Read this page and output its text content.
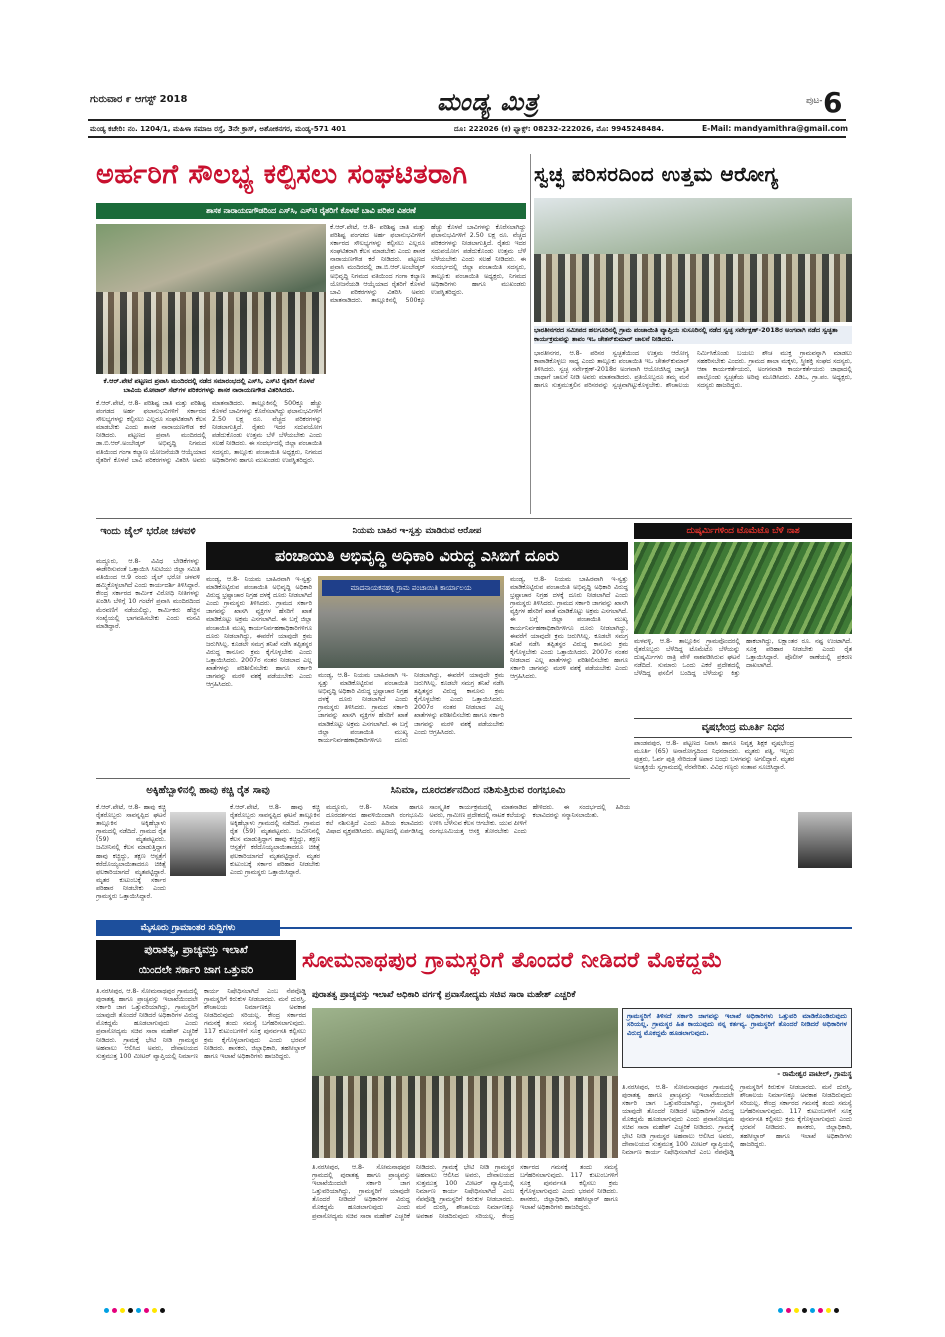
ಗುರುವಾರ ೯ ಆಗಸ್ಟ್ 2018	ಮಂಡ್ಯ ಮಿತ್ರ	ಪುಟ- 6
ಮಂಡ್ಯ ಕಚೇರಿ: ನಂ. 1204/1, ಮಹಿಳಾ ಸಮಾಜ ರಸ್ತೆ, 3ನೇ ಕ್ರಾಸ್, ಅಶೋಕನಗರ, ಮಂಡ್ಯ-571 401	ದೂ: 222026 (ಕ) ಫ್ಯಾಕ್ಸ್: 08232-222026, ಮೊ: 9945248484.	E-Mail: mandyamithra@gmail.com
ಅರ್ಹರಿಗೆ ಸೌಲಭ್ಯ ಕಲ್ಪಿಸಲು ಸಂಘಟಿತರಾಗಿ
ಶಾಸಕ ನಾರಾಯಣಗೌಡರಿಂದ ಎಸ್‌ಸಿ, ಎಸ್‌ಟಿ ರೈತರಿಗೆ ಕೊಳವೆ ಬಾವಿ ಪರಿಕರ ವಿತರಣೆ
ಕೆ.ಆರ್.ಪೇಟೆ ಪಟ್ಟಣದ ಪ್ರವಾಸಿ ಮಂದಿರದಲ್ಲಿ ನಡೆದ ಸಮಾರಂಭದಲ್ಲಿ ಎಸ್‌ಸಿ, ಎಸ್‌ಟಿ ರೈತರಿಗೆ ಕೊಳವೆ ಬಾವಿಯ ಮೋಟಾರ್ ಸೆಟ್‌ಗಳ ಪರಿಕರಗಳನ್ನು ಶಾಸಕ ನಾರಾಯಣಗೌಡ ವಿತರಿಸಿದರು.
ಕೆ.ಆರ್.ಪೇಟೆ, ಆ.8- ಪರಿಶಿಷ್ಟ ಜಾತಿ ಮತ್ತು ಪರಿಶಿಷ್ಟ ಪಂಗಡದ ಅರ್ಹ ಫಲಾನುಭವಿಗಳಿಗೆ ಸರ್ಕಾರದ ಸೌಲಭ್ಯಗಳನ್ನು ಕಲ್ಪಿಸಲು ಎಲ್ಲರೂ ಸಂಘಟಿತರಾಗಿ ಕೆಲಸ ಮಾಡಬೇಕು ಎಂದು ಶಾಸಕ ನಾರಾಯಣಗೌಡ ಕರೆ ನೀಡಿದರು. ಪಟ್ಟಣದ ಪ್ರವಾಸಿ ಮಂದಿರದಲ್ಲಿ ಡಾ.ಬಿ.ಆರ್.ಅಂಬೇಡ್ಕರ್ ಅಭಿವೃದ್ಧಿ ನಿಗಮದ ವತಿಯಿಂದ ಗಂಗಾ ಕಲ್ಯಾಣ ಯೋಜನೆಯಡಿ ಆಯ್ಕೆಯಾದ ರೈತರಿಗೆ ಕೊಳವೆ ಬಾವಿ ಪರಿಕರಗಳನ್ನು ವಿತರಿಸಿ ಅವರು ಮಾತನಾಡಿದರು. ತಾಲ್ಲೂಕಿನಲ್ಲಿ 500ಕ್ಕೂ ಹೆಚ್ಚು ಕೊಳವೆ ಬಾವಿಗಳನ್ನು ಕೊರೆಸಲಾಗಿದ್ದು ಫಲಾನುಭವಿಗಳಿಗೆ 2.50 ಲಕ್ಷ ರೂ. ವೆಚ್ಚದ ಪರಿಕರಗಳನ್ನು ನೀಡಲಾಗುತ್ತಿದೆ. ರೈತರು ಇದರ ಸದುಪಯೋಗ ಪಡೆದುಕೊಂಡು ಉತ್ತಮ ಬೆಳೆ ಬೆಳೆಯಬೇಕು ಎಂದು ಸಲಹೆ ನೀಡಿದರು. ಈ ಸಂದರ್ಭದಲ್ಲಿ ಜಿಲ್ಲಾ ಪಂಚಾಯಿತಿ ಸದಸ್ಯರು, ತಾಲ್ಲೂಕು ಪಂಚಾಯಿತಿ ಅಧ್ಯಕ್ಷರು, ನಿಗಮದ ಅಧಿಕಾರಿಗಳು ಹಾಗೂ ಮುಖಂಡರು ಉಪಸ್ಥಿತರಿದ್ದರು.
ಕೆ.ಆರ್.ಪೇಟೆ, ಆ.8- ಪರಿಶಿಷ್ಟ ಜಾತಿ ಮತ್ತು ಪರಿಶಿಷ್ಟ ಪಂಗಡದ ಅರ್ಹ ಫಲಾನುಭವಿಗಳಿಗೆ ಸರ್ಕಾರದ ಸೌಲಭ್ಯಗಳನ್ನು ಕಲ್ಪಿಸಲು ಎಲ್ಲರೂ ಸಂಘಟಿತರಾಗಿ ಕೆಲಸ ಮಾಡಬೇಕು ಎಂದು ಶಾಸಕ ನಾರಾಯಣಗೌಡ ಕರೆ ನೀಡಿದರು. ಪಟ್ಟಣದ ಪ್ರವಾಸಿ ಮಂದಿರದಲ್ಲಿ ಡಾ.ಬಿ.ಆರ್.ಅಂಬೇಡ್ಕರ್ ಅಭಿವೃದ್ಧಿ ನಿಗಮದ ವತಿಯಿಂದ ಗಂಗಾ ಕಲ್ಯಾಣ ಯೋಜನೆಯಡಿ ಆಯ್ಕೆಯಾದ ರೈತರಿಗೆ ಕೊಳವೆ ಬಾವಿ ಪರಿಕರಗಳನ್ನು ವಿತರಿಸಿ ಅವರು ಮಾತನಾಡಿದರು. ತಾಲ್ಲೂಕಿನಲ್ಲಿ 500ಕ್ಕೂ ಹೆಚ್ಚು ಕೊಳವೆ ಬಾವಿಗಳನ್ನು ಕೊರೆಸಲಾಗಿದ್ದು ಫಲಾನುಭವಿಗಳಿಗೆ 2.50 ಲಕ್ಷ ರೂ. ವೆಚ್ಚದ ಪರಿಕರಗಳನ್ನು ನೀಡಲಾಗುತ್ತಿದೆ. ರೈತರು ಇದರ ಸದುಪಯೋಗ ಪಡೆದುಕೊಂಡು ಉತ್ತಮ ಬೆಳೆ ಬೆಳೆಯಬೇಕು ಎಂದು ಸಲಹೆ ನೀಡಿದರು. ಈ ಸಂದರ್ಭದಲ್ಲಿ ಜಿಲ್ಲಾ ಪಂಚಾಯಿತಿ ಸದಸ್ಯರು, ತಾಲ್ಲೂಕು ಪಂಚಾಯಿತಿ ಅಧ್ಯಕ್ಷರು, ನಿಗಮದ ಅಧಿಕಾರಿಗಳು ಹಾಗೂ ಮುಖಂಡರು ಉಪಸ್ಥಿತರಿದ್ದರು.
ಸ್ವಚ್ಛ ಪರಿಸರದಿಂದ ಉತ್ತಮ ಆರೋಗ್ಯ
ಭಾರತೀನಗರದ ಸಮೀಪದ ಹಲಗೂರಿನಲ್ಲಿ ಗ್ರಾಮ ಪಂಚಾಯಿತಿ ವ್ಯಾಪ್ತಿಯ ಸುಸೂರಿನಲ್ಲಿ ನಡೆದ ಸ್ವಚ್ಛ ಸರ್ವೇಕ್ಷಣ್-2018ರ ಅಂಗವಾಗಿ ನಡೆದ ಸ್ವಚ್ಛತಾ ಕಾರ್ಯಕ್ರಮವನ್ನು ತಾಪಂ ಇಒ ಚೇತನ್‌ಕುಮಾರ್ ಚಾಲನೆ ನೀಡಿದರು.
ಭಾರತೀನಗರ, ಆ.8- ಪರಿಸರ ಸ್ವಚ್ಛತೆಯಿಂದ ಉತ್ತಮ ಆರೋಗ್ಯ ಕಾಪಾಡಿಕೊಳ್ಳಲು ಸಾಧ್ಯ ಎಂದು ತಾಲ್ಲೂಕು ಪಂಚಾಯಿತಿ ಇಒ ಚೇತನ್‌ಕುಮಾರ್ ತಿಳಿಸಿದರು. ಸ್ವಚ್ಛ ಸರ್ವೇಕ್ಷಣ್-2018ರ ಅಂಗವಾಗಿ ಆಯೋಜಿಸಿದ್ದ ಜಾಗೃತಿ ಜಾಥಾಗೆ ಚಾಲನೆ ನೀಡಿ ಅವರು ಮಾತನಾಡಿದರು. ಪ್ರತಿಯೊಬ್ಬರೂ ತಮ್ಮ ಮನೆ ಹಾಗೂ ಸುತ್ತಮುತ್ತಲಿನ ಪರಿಸರವನ್ನು ಸ್ವಚ್ಛವಾಗಿಟ್ಟುಕೊಳ್ಳಬೇಕು. ಶೌಚಾಲಯ ನಿರ್ಮಿಸಿಕೊಂಡು ಬಯಲು ಶೌಚ ಮುಕ್ತ ಗ್ರಾಮವನ್ನಾಗಿ ಮಾಡಲು ಸಹಕರಿಸಬೇಕು ಎಂದರು. ಗ್ರಾಮದ ಶಾಲಾ ಮಕ್ಕಳು, ಸ್ತ್ರೀಶಕ್ತಿ ಸಂಘದ ಸದಸ್ಯರು, ಆಶಾ ಕಾರ್ಯಕರ್ತೆಯರು, ಅಂಗನವಾಡಿ ಕಾರ್ಯಕರ್ತೆಯರು ಜಾಥಾದಲ್ಲಿ ಪಾಲ್ಗೊಂಡು ಸ್ವಚ್ಛತೆಯ ಅರಿವು ಮೂಡಿಸಿದರು. ಪಿಡಿಒ, ಗ್ರಾ.ಪಂ. ಅಧ್ಯಕ್ಷರು, ಸದಸ್ಯರು ಹಾಜರಿದ್ದರು.
ಇಂದು ಜೈಲ್ ಭರೋ ಚಳವಳಿ
ಮದ್ದೂರು, ಆ.8- ವಿವಿಧ ಬೇಡಿಕೆಗಳನ್ನು ಈಡೇರಿಸುವಂತೆ ಒತ್ತಾಯಿಸಿ ಸಿಐಟಿಯು ಜಿಲ್ಲಾ ಸಮಿತಿ ವತಿಯಿಂದ ಆ.9 ರಂದು ಜೈಲ್ ಭರೋ ಚಳವಳಿ ಹಮ್ಮಿಕೊಳ್ಳಲಾಗಿದೆ ಎಂದು ಕಾರ್ಯದರ್ಶಿ ತಿಳಿಸಿದ್ದಾರೆ. ಕೇಂದ್ರ ಸರ್ಕಾರದ ಕಾರ್ಮಿಕ ವಿರೋಧಿ ನೀತಿಗಳನ್ನು ಖಂಡಿಸಿ ಬೆಳಿಗ್ಗೆ 10 ಗಂಟೆಗೆ ಪ್ರವಾಸಿ ಮಂದಿರದಿಂದ ಮೆರವಣಿಗೆ ನಡೆಯಲಿದ್ದು, ಕಾರ್ಮಿಕರು ಹೆಚ್ಚಿನ ಸಂಖ್ಯೆಯಲ್ಲಿ ಭಾಗವಹಿಸಬೇಕು ಎಂದು ಮನವಿ ಮಾಡಿದ್ದಾರೆ.
ನಿಯಮ ಬಾಹಿರ ಇ-ಸ್ವತ್ತು ಮಾಡಿರುವ ಆರೋಪ
ಪಂಚಾಯಿತಿ ಅಭಿವೃದ್ಧಿ ಅಧಿಕಾರಿ ವಿರುದ್ಧ ಎಸಿಬಿಗೆ ದೂರು
ಮಂಡ್ಯ, ಆ.8- ನಿಯಮ ಬಾಹಿರವಾಗಿ ಇ-ಸ್ವತ್ತು ಮಾಡಿಕೊಟ್ಟಿರುವ ಪಂಚಾಯಿತಿ ಅಭಿವೃದ್ಧಿ ಅಧಿಕಾರಿ ವಿರುದ್ಧ ಭ್ರಷ್ಟಾಚಾರ ನಿಗ್ರಹ ದಳಕ್ಕೆ ದೂರು ನೀಡಲಾಗಿದೆ ಎಂದು ಗ್ರಾಮಸ್ಥರು ತಿಳಿಸಿದರು. ಗ್ರಾಮದ ಸರ್ಕಾರಿ ಜಾಗವನ್ನು ಖಾಸಗಿ ವ್ಯಕ್ತಿಗಳ ಹೆಸರಿಗೆ ಖಾತೆ ಮಾಡಿಕೊಟ್ಟು ಅಕ್ರಮ ಎಸಗಲಾಗಿದೆ. ಈ ಬಗ್ಗೆ ಜಿಲ್ಲಾ ಪಂಚಾಯಿತಿ ಮುಖ್ಯ ಕಾರ್ಯನಿರ್ವಹಣಾಧಿಕಾರಿಗಳಿಗೂ ದೂರು ನೀಡಲಾಗಿದ್ದು, ಈವರೆಗೆ ಯಾವುದೇ ಕ್ರಮ ಜರುಗಿಸಿಲ್ಲ. ಕೂಡಲೇ ಸಮಗ್ರ ತನಿಖೆ ನಡೆಸಿ ತಪ್ಪಿತಸ್ಥರ ವಿರುದ್ಧ ಕಾನೂನು ಕ್ರಮ ಕೈಗೊಳ್ಳಬೇಕು ಎಂದು ಒತ್ತಾಯಿಸಿದರು. 2007ರ ನಂತರ ನೀಡಲಾದ ಎಲ್ಲ ಖಾತೆಗಳನ್ನು ಪರಿಶೀಲಿಸಬೇಕು ಹಾಗೂ ಸರ್ಕಾರಿ ಜಾಗವನ್ನು ಮರಳಿ ವಶಕ್ಕೆ ಪಡೆಯಬೇಕು ಎಂದು ಆಗ್ರಹಿಸಿದರು.
ಮಾದನಾಯಕನಹಳ್ಳಿ ಗ್ರಾಮ ಪಂಚಾಯಿತಿ ಕಾರ್ಯಾಲಯ
ಮಂಡ್ಯ, ಆ.8- ನಿಯಮ ಬಾಹಿರವಾಗಿ ಇ-ಸ್ವತ್ತು ಮಾಡಿಕೊಟ್ಟಿರುವ ಪಂಚಾಯಿತಿ ಅಭಿವೃದ್ಧಿ ಅಧಿಕಾರಿ ವಿರುದ್ಧ ಭ್ರಷ್ಟಾಚಾರ ನಿಗ್ರಹ ದಳಕ್ಕೆ ದೂರು ನೀಡಲಾಗಿದೆ ಎಂದು ಗ್ರಾಮಸ್ಥರು ತಿಳಿಸಿದರು. ಗ್ರಾಮದ ಸರ್ಕಾರಿ ಜಾಗವನ್ನು ಖಾಸಗಿ ವ್ಯಕ್ತಿಗಳ ಹೆಸರಿಗೆ ಖಾತೆ ಮಾಡಿಕೊಟ್ಟು ಅಕ್ರಮ ಎಸಗಲಾಗಿದೆ. ಈ ಬಗ್ಗೆ ಜಿಲ್ಲಾ ಪಂಚಾಯಿತಿ ಮುಖ್ಯ ಕಾರ್ಯನಿರ್ವಹಣಾಧಿಕಾರಿಗಳಿಗೂ ದೂರು ನೀಡಲಾಗಿದ್ದು, ಈವರೆಗೆ ಯಾವುದೇ ಕ್ರಮ ಜರುಗಿಸಿಲ್ಲ. ಕೂಡಲೇ ಸಮಗ್ರ ತನಿಖೆ ನಡೆಸಿ ತಪ್ಪಿತಸ್ಥರ ವಿರುದ್ಧ ಕಾನೂನು ಕ್ರಮ ಕೈಗೊಳ್ಳಬೇಕು ಎಂದು ಒತ್ತಾಯಿಸಿದರು. 2007ರ ನಂತರ ನೀಡಲಾದ ಎಲ್ಲ ಖಾತೆಗಳನ್ನು ಪರಿಶೀಲಿಸಬೇಕು ಹಾಗೂ ಸರ್ಕಾರಿ ಜಾಗವನ್ನು ಮರಳಿ ವಶಕ್ಕೆ ಪಡೆಯಬೇಕು ಎಂದು ಆಗ್ರಹಿಸಿದರು.
ಮಂಡ್ಯ, ಆ.8- ನಿಯಮ ಬಾಹಿರವಾಗಿ ಇ-ಸ್ವತ್ತು ಮಾಡಿಕೊಟ್ಟಿರುವ ಪಂಚಾಯಿತಿ ಅಭಿವೃದ್ಧಿ ಅಧಿಕಾರಿ ವಿರುದ್ಧ ಭ್ರಷ್ಟಾಚಾರ ನಿಗ್ರಹ ದಳಕ್ಕೆ ದೂರು ನೀಡಲಾಗಿದೆ ಎಂದು ಗ್ರಾಮಸ್ಥರು ತಿಳಿಸಿದರು. ಗ್ರಾಮದ ಸರ್ಕಾರಿ ಜಾಗವನ್ನು ಖಾಸಗಿ ವ್ಯಕ್ತಿಗಳ ಹೆಸರಿಗೆ ಖಾತೆ ಮಾಡಿಕೊಟ್ಟು ಅಕ್ರಮ ಎಸಗಲಾಗಿದೆ. ಈ ಬಗ್ಗೆ ಜಿಲ್ಲಾ ಪಂಚಾಯಿತಿ ಮುಖ್ಯ ಕಾರ್ಯನಿರ್ವಹಣಾಧಿಕಾರಿಗಳಿಗೂ ದೂರು ನೀಡಲಾಗಿದ್ದು, ಈವರೆಗೆ ಯಾವುದೇ ಕ್ರಮ ಜರುಗಿಸಿಲ್ಲ. ಕೂಡಲೇ ಸಮಗ್ರ ತನಿಖೆ ನಡೆಸಿ ತಪ್ಪಿತಸ್ಥರ ವಿರುದ್ಧ ಕಾನೂನು ಕ್ರಮ ಕೈಗೊಳ್ಳಬೇಕು ಎಂದು ಒತ್ತಾಯಿಸಿದರು. 2007ರ ನಂತರ ನೀಡಲಾದ ಎಲ್ಲ ಖಾತೆಗಳನ್ನು ಪರಿಶೀಲಿಸಬೇಕು ಹಾಗೂ ಸರ್ಕಾರಿ ಜಾಗವನ್ನು ಮರಳಿ ವಶಕ್ಕೆ ಪಡೆಯಬೇಕು ಎಂದು ಆಗ್ರಹಿಸಿದರು.
ದುಷ್ಕರ್ಮಿಗಳಿಂದ ಟೊಮೆಟೊ ಬೆಳೆ ನಾಶ
ಮಳವಳ್ಳಿ, ಆ.8- ತಾಲ್ಲೂಕಿನ ಗ್ರಾಮವೊಂದರಲ್ಲಿ ರೈತರೊಬ್ಬರು ಬೆಳೆದಿದ್ದ ಟೊಮೆಟೊ ಬೆಳೆಯನ್ನು ದುಷ್ಕರ್ಮಿಗಳು ರಾತ್ರಿ ವೇಳೆ ನಾಶಪಡಿಸಿರುವ ಘಟನೆ ನಡೆದಿದೆ. ಸುಮಾರು ಒಂದು ಎಕರೆ ಪ್ರದೇಶದಲ್ಲಿ ಬೆಳೆದಿದ್ದ ಫಸಲಿಗೆ ಬಂದಿದ್ದ ಬೆಳೆಯನ್ನು ಕಿತ್ತು ಹಾಕಲಾಗಿದ್ದು, ಲಕ್ಷಾಂತರ ರೂ. ನಷ್ಟ ಉಂಟಾಗಿದೆ. ಸೂಕ್ತ ಪರಿಹಾರ ನೀಡಬೇಕು ಎಂದು ರೈತ ಒತ್ತಾಯಿಸಿದ್ದಾರೆ. ಪೊಲೀಸ್ ಠಾಣೆಯಲ್ಲಿ ಪ್ರಕರಣ ದಾಖಲಾಗಿದೆ.
ವೃಷಭೇಂದ್ರ ಮೂರ್ತಿ ನಿಧನ
ಪಾಂಡವಪುರ, ಆ.8- ಪಟ್ಟಣದ ನಿವಾಸಿ ಹಾಗೂ ನಿವೃತ್ತ ಶಿಕ್ಷಕ ವೃಷಭೇಂದ್ರ ಮೂರ್ತಿ (65) ಅನಾರೋಗ್ಯದಿಂದ ನಿಧನರಾದರು. ಮೃತರು ಪತ್ನಿ, ಇಬ್ಬರು ಪುತ್ರರು, ಓರ್ವ ಪುತ್ರಿ ಸೇರಿದಂತೆ ಅಪಾರ ಬಂಧು ಬಳಗವನ್ನು ಅಗಲಿದ್ದಾರೆ. ಮೃತರ ಅಂತ್ಯಕ್ರಿಯೆ ಸ್ವಗ್ರಾಮದಲ್ಲಿ ನೆರವೇರಿತು. ವಿವಿಧ ಗಣ್ಯರು ಸಂತಾಪ ಸೂಚಿಸಿದ್ದಾರೆ.
ಅಕ್ಕಿಹೆಬ್ಬಾಳಿನಲ್ಲಿ ಹಾವು ಕಚ್ಚಿ ರೈತ ಸಾವು
ಕೆ.ಆರ್.ಪೇಟೆ, ಆ.8- ಹಾವು ಕಚ್ಚಿ ರೈತರೊಬ್ಬರು ಸಾವನ್ನಪ್ಪಿದ ಘಟನೆ ತಾಲ್ಲೂಕಿನ ಅಕ್ಕಿಹೆಬ್ಬಾಳು ಗ್ರಾಮದಲ್ಲಿ ನಡೆದಿದೆ. ಗ್ರಾಮದ ರೈತ (59) ಮೃತಪಟ್ಟವರು. ಜಮೀನಿನಲ್ಲಿ ಕೆಲಸ ಮಾಡುತ್ತಿದ್ದಾಗ ಹಾವು ಕಚ್ಚಿದ್ದು, ತಕ್ಷಣ ಆಸ್ಪತ್ರೆಗೆ ಕರೆದೊಯ್ಯಲಾಯಿತಾದರೂ ಚಿಕಿತ್ಸೆ ಫಲಕಾರಿಯಾಗದೆ ಮೃತಪಟ್ಟಿದ್ದಾರೆ. ಮೃತರ ಕುಟುಂಬಕ್ಕೆ ಸರ್ಕಾರ ಪರಿಹಾರ ನೀಡಬೇಕು ಎಂದು ಗ್ರಾಮಸ್ಥರು ಒತ್ತಾಯಿಸಿದ್ದಾರೆ.
ಕೆ.ಆರ್.ಪೇಟೆ, ಆ.8- ಹಾವು ಕಚ್ಚಿ ರೈತರೊಬ್ಬರು ಸಾವನ್ನಪ್ಪಿದ ಘಟನೆ ತಾಲ್ಲೂಕಿನ ಅಕ್ಕಿಹೆಬ್ಬಾಳು ಗ್ರಾಮದಲ್ಲಿ ನಡೆದಿದೆ. ಗ್ರಾಮದ ರೈತ (59) ಮೃತಪಟ್ಟವರು. ಜಮೀನಿನಲ್ಲಿ ಕೆಲಸ ಮಾಡುತ್ತಿದ್ದಾಗ ಹಾವು ಕಚ್ಚಿದ್ದು, ತಕ್ಷಣ ಆಸ್ಪತ್ರೆಗೆ ಕರೆದೊಯ್ಯಲಾಯಿತಾದರೂ ಚಿಕಿತ್ಸೆ ಫಲಕಾರಿಯಾಗದೆ ಮೃತಪಟ್ಟಿದ್ದಾರೆ. ಮೃತರ ಕುಟುಂಬಕ್ಕೆ ಸರ್ಕಾರ ಪರಿಹಾರ ನೀಡಬೇಕು ಎಂದು ಗ್ರಾಮಸ್ಥರು ಒತ್ತಾಯಿಸಿದ್ದಾರೆ.
ಸಿನಿಮಾ, ದೂರದರ್ಶನದಿಂದ ನಶಿಸುತ್ತಿರುವ ರಂಗಭೂಮಿ
ಮದ್ದೂರು, ಆ.8- ಸಿನಿಮಾ ಹಾಗೂ ದೂರದರ್ಶನದ ಹಾವಳಿಯಿಂದಾಗಿ ರಂಗಭೂಮಿ ಕಲೆ ನಶಿಸುತ್ತಿದೆ ಎಂದು ಹಿರಿಯ ಕಲಾವಿದರು ವಿಷಾದ ವ್ಯಕ್ತಪಡಿಸಿದರು. ಪಟ್ಟಣದಲ್ಲಿ ಏರ್ಪಡಿಸಿದ್ದ ಸಾಂಸ್ಕೃತಿಕ ಕಾರ್ಯಕ್ರಮದಲ್ಲಿ ಮಾತನಾಡಿದ ಅವರು, ಗ್ರಾಮೀಣ ಪ್ರದೇಶದಲ್ಲಿ ನಾಟಕ ಕಲೆಯನ್ನು ಉಳಿಸಿ ಬೆಳೆಸುವ ಕೆಲಸ ಆಗಬೇಕು. ಯುವ ಪೀಳಿಗೆ ರಂಗಭೂಮಿಯತ್ತ ಆಸಕ್ತಿ ತೋರಬೇಕು ಎಂದು ಹೇಳಿದರು. ಈ ಸಂದರ್ಭದಲ್ಲಿ ಹಿರಿಯ ಕಲಾವಿದರನ್ನು ಸನ್ಮಾನಿಸಲಾಯಿತು.
ಮೈಸೂರು ಗ್ರಾಮಾಂತರ ಸುದ್ದಿಗಳು
ಪುರಾತತ್ವ, ಪ್ರಾಚ್ಯವಸ್ತು ಇಲಾಖೆ
ಯಿಂದಲೇ ಸರ್ಕಾರಿ ಜಾಗ ಒತ್ತುವರಿ	ಸೋಮನಾಥಪುರ ಗ್ರಾಮಸ್ಥರಿಗೆ ತೊಂದರೆ ನೀಡಿದರೆ ಮೊಕದ್ದಮೆ
ತಿ.ನರಸೀಪುರ, ಆ.8- ಸೋಮನಾಥಪುರ ಗ್ರಾಮದಲ್ಲಿ ಪುರಾತತ್ವ ಹಾಗೂ ಪ್ರಾಚ್ಯವಸ್ತು ಇಲಾಖೆಯಿಂದಲೇ ಸರ್ಕಾರಿ ಜಾಗ ಒತ್ತುವರಿಯಾಗಿದ್ದು, ಗ್ರಾಮಸ್ಥರಿಗೆ ಯಾವುದೇ ತೊಂದರೆ ನೀಡಿದರೆ ಅಧಿಕಾರಿಗಳ ವಿರುದ್ಧ ಮೊಕದ್ದಮೆ ಹೂಡಲಾಗುವುದು ಎಂದು ಪ್ರವಾಸೋದ್ಯಮ ಸಚಿವ ಸಾರಾ ಮಹೇಶ್ ಎಚ್ಚರಿಕೆ ನೀಡಿದರು. ಗ್ರಾಮಕ್ಕೆ ಭೇಟಿ ನೀಡಿ ಗ್ರಾಮಸ್ಥರ ಅಹವಾಲು ಆಲಿಸಿದ ಅವರು, ದೇವಾಲಯದ ಸುತ್ತಮುತ್ತ 100 ಮೀಟರ್ ವ್ಯಾಪ್ತಿಯಲ್ಲಿ ನಿರ್ಮಾಣ ಕಾರ್ಯ ನಿಷೇಧಿಸಲಾಗಿದೆ ಎಂಬ ನೆಪವೊಡ್ಡಿ ಗ್ರಾಮಸ್ಥರಿಗೆ ಕಿರುಕುಳ ನೀಡಬಾರದು. ಮನೆ ದುರಸ್ತಿ, ಶೌಚಾಲಯ ನಿರ್ಮಾಣಕ್ಕೂ ಅವಕಾಶ ನೀಡದಿರುವುದು ಸರಿಯಲ್ಲ. ಕೇಂದ್ರ ಸರ್ಕಾರದ ಗಮನಕ್ಕೆ ತಂದು ಸಮಸ್ಯೆ ಬಗೆಹರಿಸಲಾಗುವುದು. 117 ಕುಟುಂಬಗಳಿಗೆ ಸೂಕ್ತ ಪುನರ್ವಸತಿ ಕಲ್ಪಿಸಲು ಕ್ರಮ ಕೈಗೊಳ್ಳಲಾಗುವುದು ಎಂದು ಭರವಸೆ ನೀಡಿದರು. ಶಾಸಕರು, ಜಿಲ್ಲಾಧಿಕಾರಿ, ತಹಸೀಲ್ದಾರ್ ಹಾಗೂ ಇಲಾಖೆ ಅಧಿಕಾರಿಗಳು ಹಾಜರಿದ್ದರು.
ಪುರಾತತ್ವ ಪ್ರಾಚ್ಯವಸ್ತು ಇಲಾಖೆ ಅಧಿಕಾರಿ ವರ್ಗಕ್ಕೆ ಪ್ರವಾಸೋದ್ಯಮ ಸಚಿವ ಸಾರಾ ಮಹೇಶ್ ಎಚ್ಚರಿಕೆ
ಗ್ರಾಮಸ್ಥರಿಗೆ ತಿಳಿಸದೆ ಸರ್ಕಾರಿ ಜಾಗವನ್ನು ಇಲಾಖೆ ಅಧಿಕಾರಿಗಳು ಒತ್ತುವರಿ ಮಾಡಿಕೊಂಡಿರುವುದು ಸರಿಯಲ್ಲ. ಗ್ರಾಮಸ್ಥರ ಹಿತ ಕಾಯುವುದು ನನ್ನ ಕರ್ತವ್ಯ. ಗ್ರಾಮಸ್ಥರಿಗೆ ತೊಂದರೆ ನೀಡಿದರೆ ಅಧಿಕಾರಿಗಳ ವಿರುದ್ಧ ಮೊಕದ್ದಮೆ ಹೂಡಲಾಗುವುದು.
- ರಾಮೇಶ್ವರ ಪಾಟೀಲ್, ಗ್ರಾಮಸ್ಥ
ತಿ.ನರಸೀಪುರ, ಆ.8- ಸೋಮನಾಥಪುರ ಗ್ರಾಮದಲ್ಲಿ ಪುರಾತತ್ವ ಹಾಗೂ ಪ್ರಾಚ್ಯವಸ್ತು ಇಲಾಖೆಯಿಂದಲೇ ಸರ್ಕಾರಿ ಜಾಗ ಒತ್ತುವರಿಯಾಗಿದ್ದು, ಗ್ರಾಮಸ್ಥರಿಗೆ ಯಾವುದೇ ತೊಂದರೆ ನೀಡಿದರೆ ಅಧಿಕಾರಿಗಳ ವಿರುದ್ಧ ಮೊಕದ್ದಮೆ ಹೂಡಲಾಗುವುದು ಎಂದು ಪ್ರವಾಸೋದ್ಯಮ ಸಚಿವ ಸಾರಾ ಮಹೇಶ್ ಎಚ್ಚರಿಕೆ ನೀಡಿದರು. ಗ್ರಾಮಕ್ಕೆ ಭೇಟಿ ನೀಡಿ ಗ್ರಾಮಸ್ಥರ ಅಹವಾಲು ಆಲಿಸಿದ ಅವರು, ದೇವಾಲಯದ ಸುತ್ತಮುತ್ತ 100 ಮೀಟರ್ ವ್ಯಾಪ್ತಿಯಲ್ಲಿ ನಿರ್ಮಾಣ ಕಾರ್ಯ ನಿಷೇಧಿಸಲಾಗಿದೆ ಎಂಬ ನೆಪವೊಡ್ಡಿ ಗ್ರಾಮಸ್ಥರಿಗೆ ಕಿರುಕುಳ ನೀಡಬಾರದು. ಮನೆ ದುರಸ್ತಿ, ಶೌಚಾಲಯ ನಿರ್ಮಾಣಕ್ಕೂ ಅವಕಾಶ ನೀಡದಿರುವುದು ಸರಿಯಲ್ಲ. ಕೇಂದ್ರ ಸರ್ಕಾರದ ಗಮನಕ್ಕೆ ತಂದು ಸಮಸ್ಯೆ ಬಗೆಹರಿಸಲಾಗುವುದು. 117 ಕುಟುಂಬಗಳಿಗೆ ಸೂಕ್ತ ಪುನರ್ವಸತಿ ಕಲ್ಪಿಸಲು ಕ್ರಮ ಕೈಗೊಳ್ಳಲಾಗುವುದು ಎಂದು ಭರವಸೆ ನೀಡಿದರು. ಶಾಸಕರು, ಜಿಲ್ಲಾಧಿಕಾರಿ, ತಹಸೀಲ್ದಾರ್ ಹಾಗೂ ಇಲಾಖೆ ಅಧಿಕಾರಿಗಳು ಹಾಜರಿದ್ದರು.
ತಿ.ನರಸೀಪುರ, ಆ.8- ಸೋಮನಾಥಪುರ ಗ್ರಾಮದಲ್ಲಿ ಪುರಾತತ್ವ ಹಾಗೂ ಪ್ರಾಚ್ಯವಸ್ತು ಇಲಾಖೆಯಿಂದಲೇ ಸರ್ಕಾರಿ ಜಾಗ ಒತ್ತುವರಿಯಾಗಿದ್ದು, ಗ್ರಾಮಸ್ಥರಿಗೆ ಯಾವುದೇ ತೊಂದರೆ ನೀಡಿದರೆ ಅಧಿಕಾರಿಗಳ ವಿರುದ್ಧ ಮೊಕದ್ದಮೆ ಹೂಡಲಾಗುವುದು ಎಂದು ಪ್ರವಾಸೋದ್ಯಮ ಸಚಿವ ಸಾರಾ ಮಹೇಶ್ ಎಚ್ಚರಿಕೆ ನೀಡಿದರು. ಗ್ರಾಮಕ್ಕೆ ಭೇಟಿ ನೀಡಿ ಗ್ರಾಮಸ್ಥರ ಅಹವಾಲು ಆಲಿಸಿದ ಅವರು, ದೇವಾಲಯದ ಸುತ್ತಮುತ್ತ 100 ಮೀಟರ್ ವ್ಯಾಪ್ತಿಯಲ್ಲಿ ನಿರ್ಮಾಣ ಕಾರ್ಯ ನಿಷೇಧಿಸಲಾಗಿದೆ ಎಂಬ ನೆಪವೊಡ್ಡಿ ಗ್ರಾಮಸ್ಥರಿಗೆ ಕಿರುಕುಳ ನೀಡಬಾರದು. ಮನೆ ದುರಸ್ತಿ, ಶೌಚಾಲಯ ನಿರ್ಮಾಣಕ್ಕೂ ಅವಕಾಶ ನೀಡದಿರುವುದು ಸರಿಯಲ್ಲ. ಕೇಂದ್ರ ಸರ್ಕಾರದ ಗಮನಕ್ಕೆ ತಂದು ಸಮಸ್ಯೆ ಬಗೆಹರಿಸಲಾಗುವುದು. 117 ಕುಟುಂಬಗಳಿಗೆ ಸೂಕ್ತ ಪುನರ್ವಸತಿ ಕಲ್ಪಿಸಲು ಕ್ರಮ ಕೈಗೊಳ್ಳಲಾಗುವುದು ಎಂದು ಭರವಸೆ ನೀಡಿದರು. ಶಾಸಕರು, ಜಿಲ್ಲಾಧಿಕಾರಿ, ತಹಸೀಲ್ದಾರ್ ಹಾಗೂ ಇಲಾಖೆ ಅಧಿಕಾರಿಗಳು ಹಾಜರಿದ್ದರು.
